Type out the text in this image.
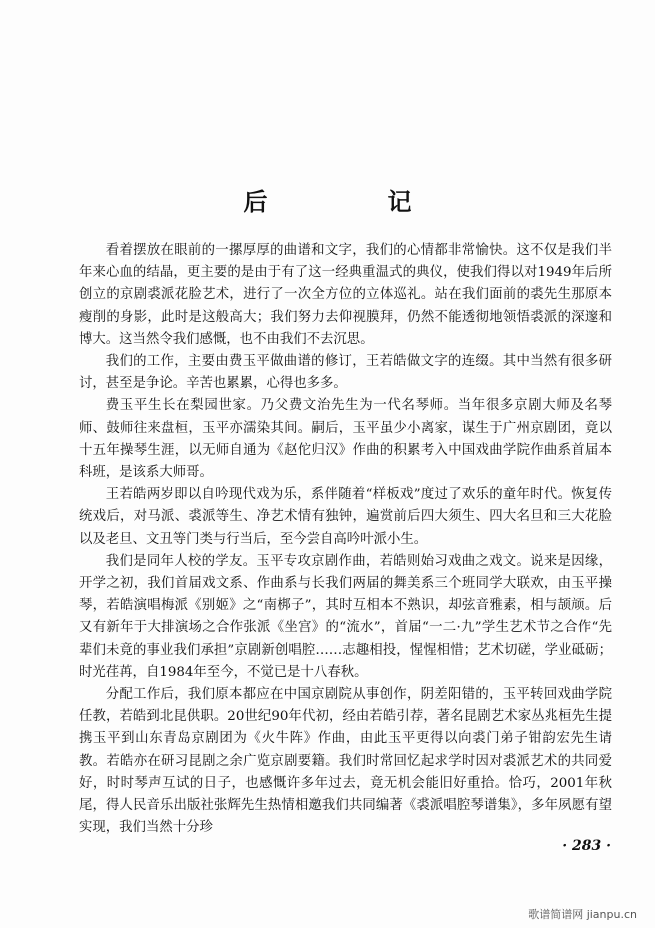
后　记

看着摆放在眼前的一摞厚厚的曲谱和文字，我们的心情都非常愉快。这不仅是我们半年来心血的结晶，更主要的是由于有了这一经典重温式的典仪，使我们得以对1949年后所创立的京剧裘派花脸艺术，进行了一次全方位的立体巡礼。站在我们面前的裘先生那原本瘦削的身影，此时是这般高大；我们努力去仰视膜拜，仍然不能透彻地领悟裘派的深邃和博大。这当然令我们感慨，也不由我们不去沉思。

我们的工作，主要由费玉平做曲谱的修订，王若皓做文字的连缀。其中当然有很多研讨，甚至是争论。辛苦也累累，心得也多多。

费玉平生长在梨园世家。乃父费文治先生为一代名琴师。当年很多京剧大师及名琴师、鼓师往来盘桓，玉平亦濡染其间。嗣后，玉平虽少小离家，谋生于广州京剧团，竟以十五年操琴生涯，以无师自通为《赵佗归汉》作曲的积累考入中国戏曲学院作曲系首届本科班，是该系大师哥。

王若皓两岁即以自吟现代戏为乐，系伴随着“样板戏”度过了欢乐的童年时代。恢复传统戏后，对马派、裘派等生、净艺术情有独钟，遍赏前后四大须生、四大名旦和三大花脸以及老旦、文丑等门类与行当后，至今尝自高吟叶派小生。

我们是同年人校的学友。玉平专攻京剧作曲，若皓则始习戏曲之戏文。说来是因缘，开学之初，我们首届戏文系、作曲系与长我们两届的舞美系三个班同学大联欢，由玉平操琴，若皓演唱梅派《别姬》之“南梆子”，其时互相本不熟识，却弦音雅素，相与颉颃。后又有新年于大排演场之合作张派《坐宫》的“流水”，首届“一二·九”学生艺术节之合作“先辈们未竟的事业我们承担”京剧新创唱腔……志趣相投，惺惺相惜；艺术切磋，学业砥砺；时光荏苒，自1984年至今，不觉已是十八春秋。

分配工作后，我们原本都应在中国京剧院从事创作，阴差阳错的，玉平转回戏曲学院任教，若皓到北昆供职。20世纪90年代初，经由若皓引荐，著名昆剧艺术家丛兆桓先生提携玉平到山东青岛京剧团为《火牛阵》作曲，由此玉平更得以向裘门弟子钳韵宏先生请教。若皓亦在研习昆剧之余广览京剧要籍。我们时常回忆起求学时因对裘派艺术的共同爱好，时时琴声互试的日子，也感慨许多年过去，竟无机会能旧好重拾。恰巧，2001年秋尾，得人民音乐出版社张辉先生热情相邀我们共同编著《裘派唱腔琴谱集》，多年夙愿有望实现，我们当然十分珍

· 283 ·
歌谱简谱网 jianpu.cn
